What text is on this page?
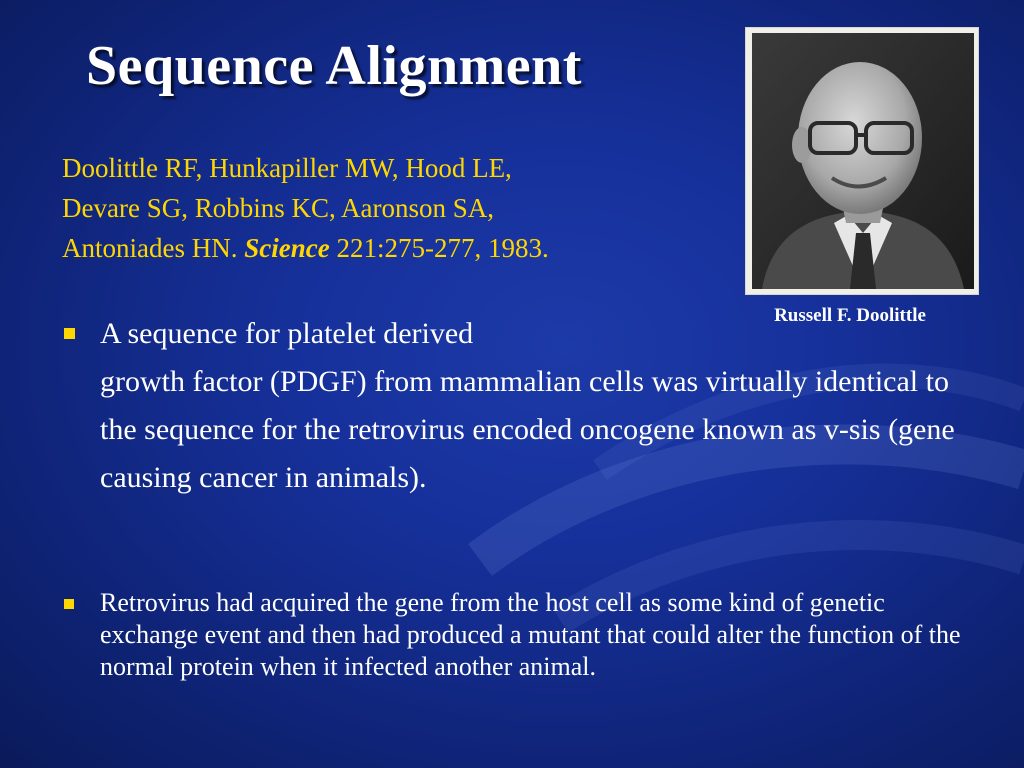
Sequence Alignment
Doolittle RF, Hunkapiller MW, Hood LE,
Devare SG, Robbins KC, Aaronson SA,
Antoniades HN. Science 221:275-277, 1983.
Russell F. Doolittle
A sequence for platelet derived
growth factor (PDGF) from mammalian cells was virtually identical to the sequence for the retrovirus encoded oncogene known as v-sis (gene causing cancer in animals).
Retrovirus had acquired the gene from the host cell as some kind of genetic exchange event and then had produced a mutant that could alter the function of the normal protein when it infected another animal.
